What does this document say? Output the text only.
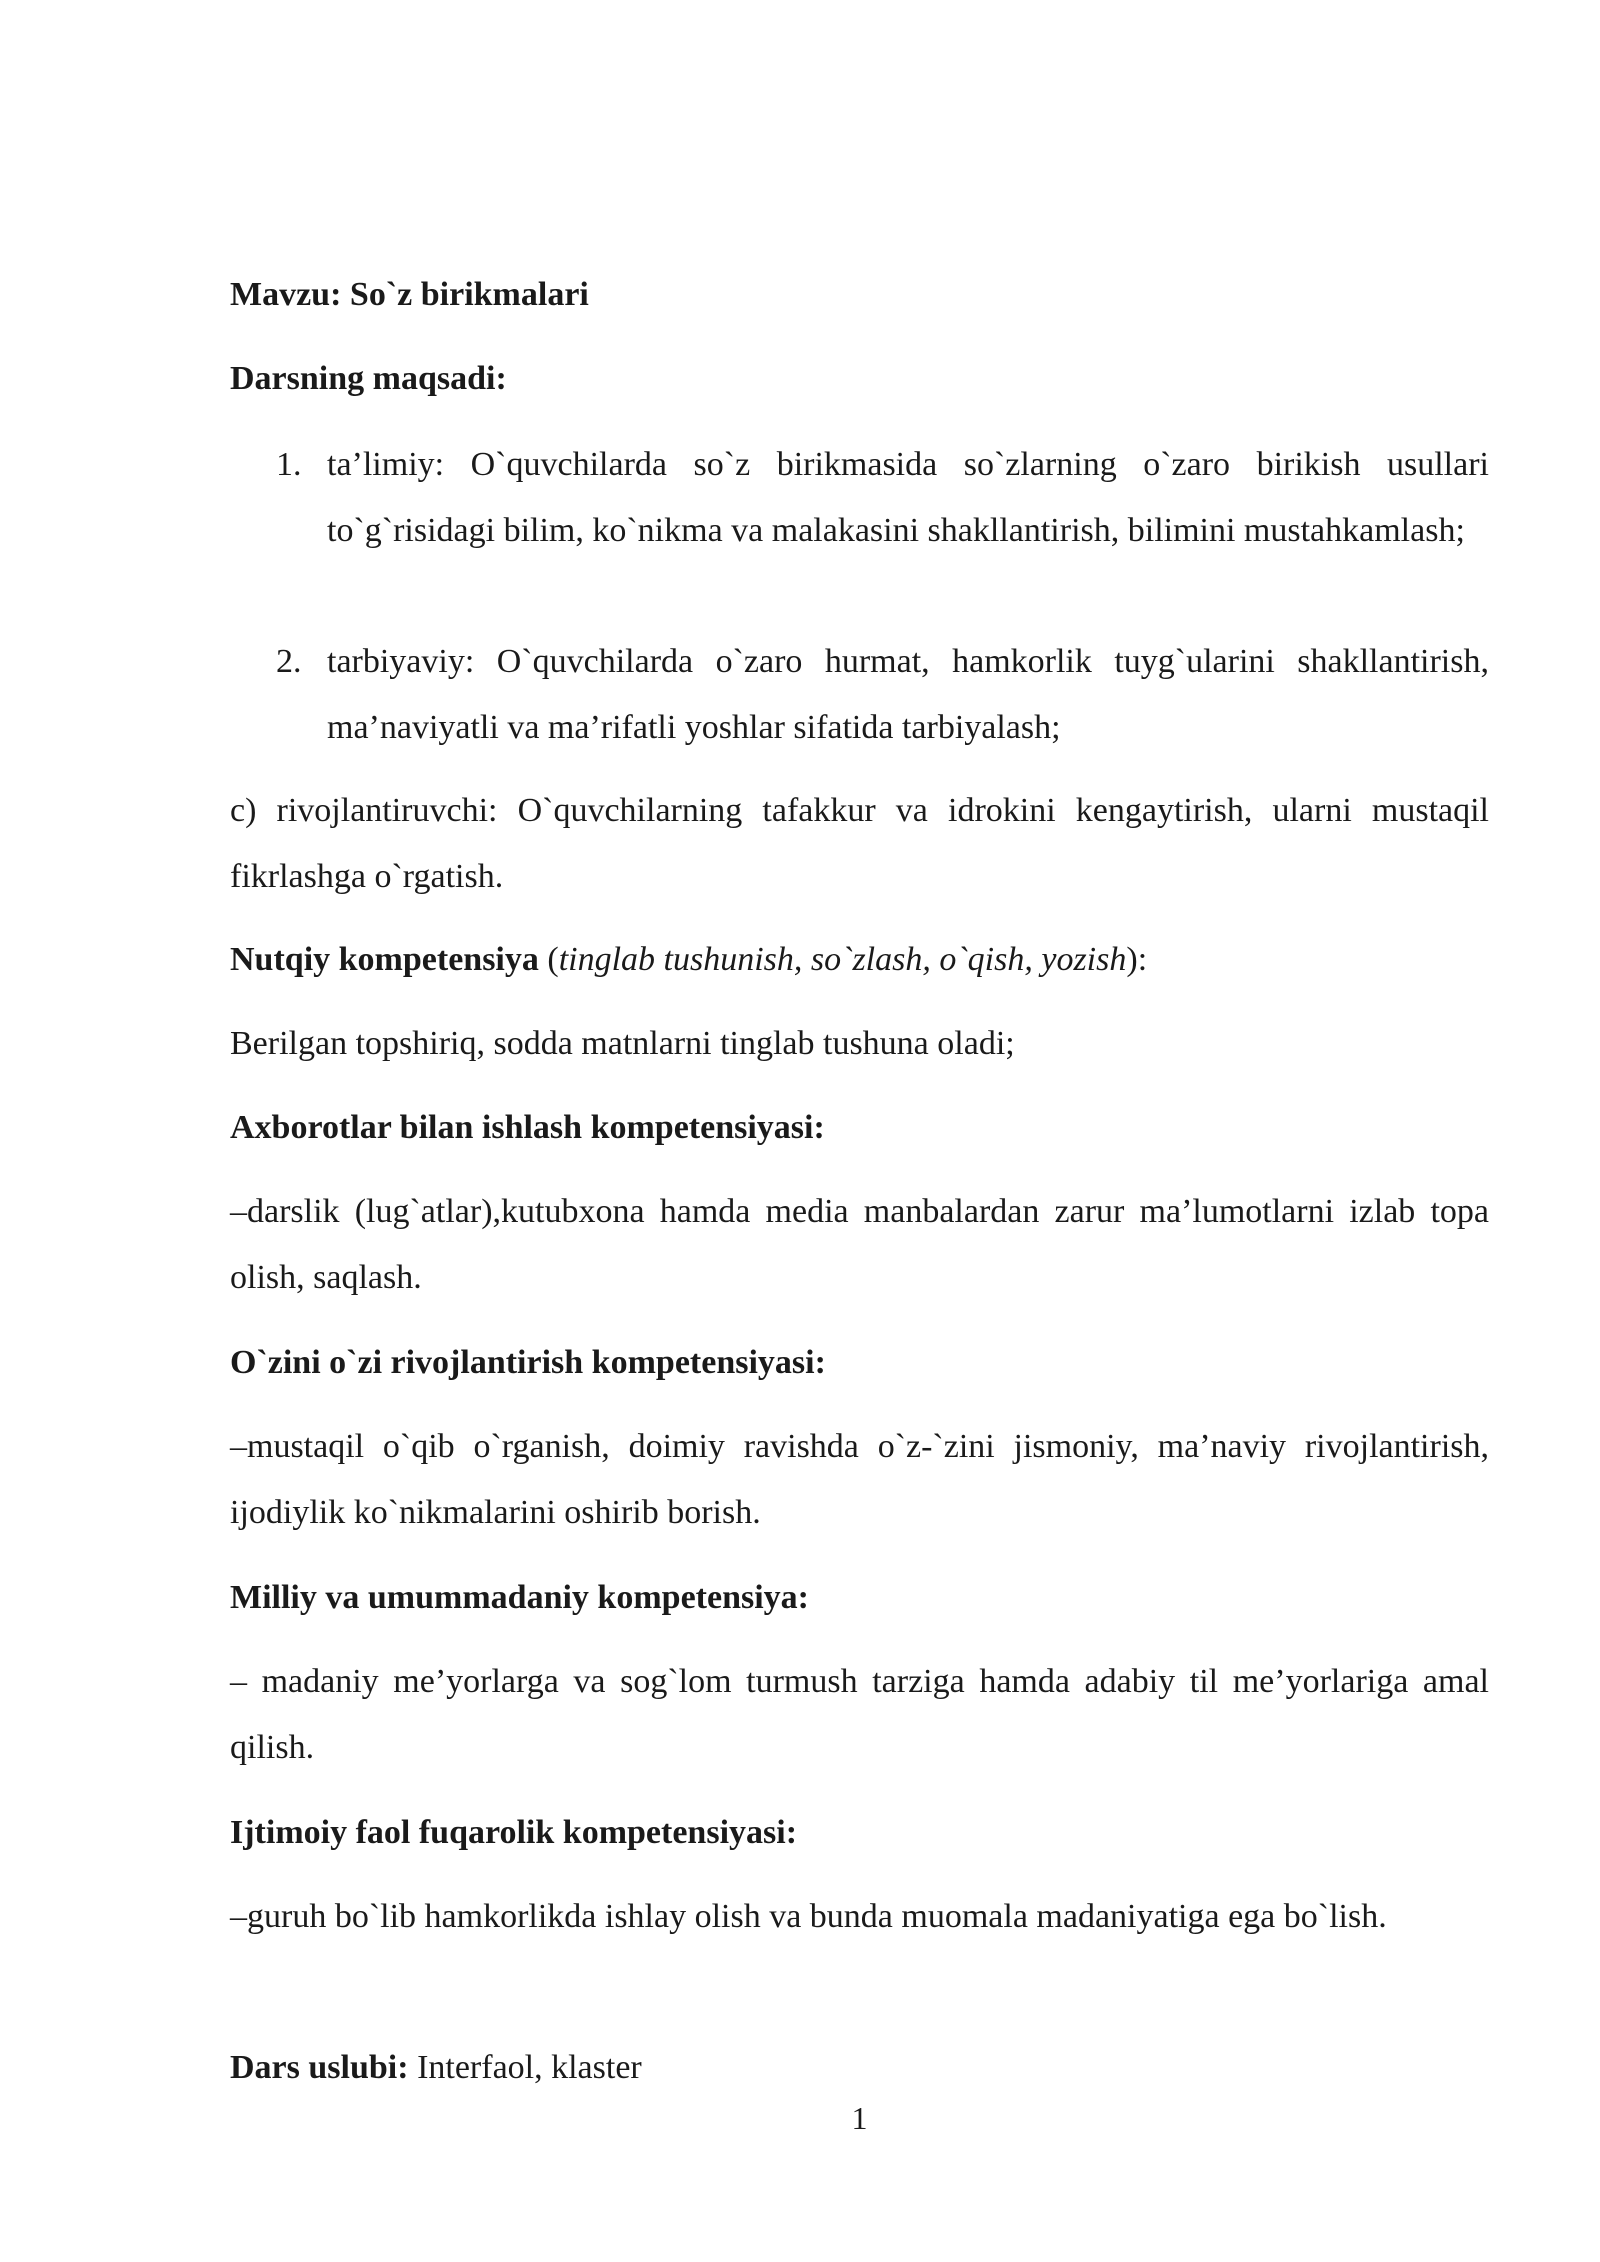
Mavzu: So`z birikmalari

Darsning maqsadi:

1. ta’limiy: O`quvchilarda so`z birikmasida so`zlarning o`zaro birikish usullari to`g`risidagi bilim, ko`nikma va malakasini shakllantirish, bilimini mustahkamlash;
2. tarbiyaviy: O`quvchilarda o`zaro hurmat, hamkorlik tuyg`ularini shakllantirish, ma’naviyatli va ma’rifatli yoshlar sifatida tarbiyalash;

c) rivojlantiruvchi: O`quvchilarning tafakkur va idrokini kengaytirish, ularni mustaqil fikrlashga o`rgatish.

Nutqiy kompetensiya (tinglab tushunish, so`zlash, o`qish, yozish):

Berilgan topshiriq, sodda matnlarni tinglab tushuna oladi;

Axborotlar bilan ishlash kompetensiyasi:

–darslik (lug`atlar),kutubxona hamda media manbalardan zarur ma’lumotlarni izlab topa olish, saqlash.

O`zini o`zi rivojlantirish kompetensiyasi:

–mustaqil o`qib o`rganish, doimiy ravishda o`z-`zini jismoniy, ma’naviy rivojlantirish, ijodiylik ko`nikmalarini oshirib borish.

Milliy va umummadaniy kompetensiya:

– madaniy me’yorlarga va sog`lom turmush tarziga hamda adabiy til me’yorlariga amal qilish.

Ijtimoiy faol fuqarolik kompetensiyasi:

–guruh bo`lib hamkorlikda ishlay olish va bunda muomala madaniyatiga ega bo`lish.

Dars uslubi: Interfaol, klaster

1
